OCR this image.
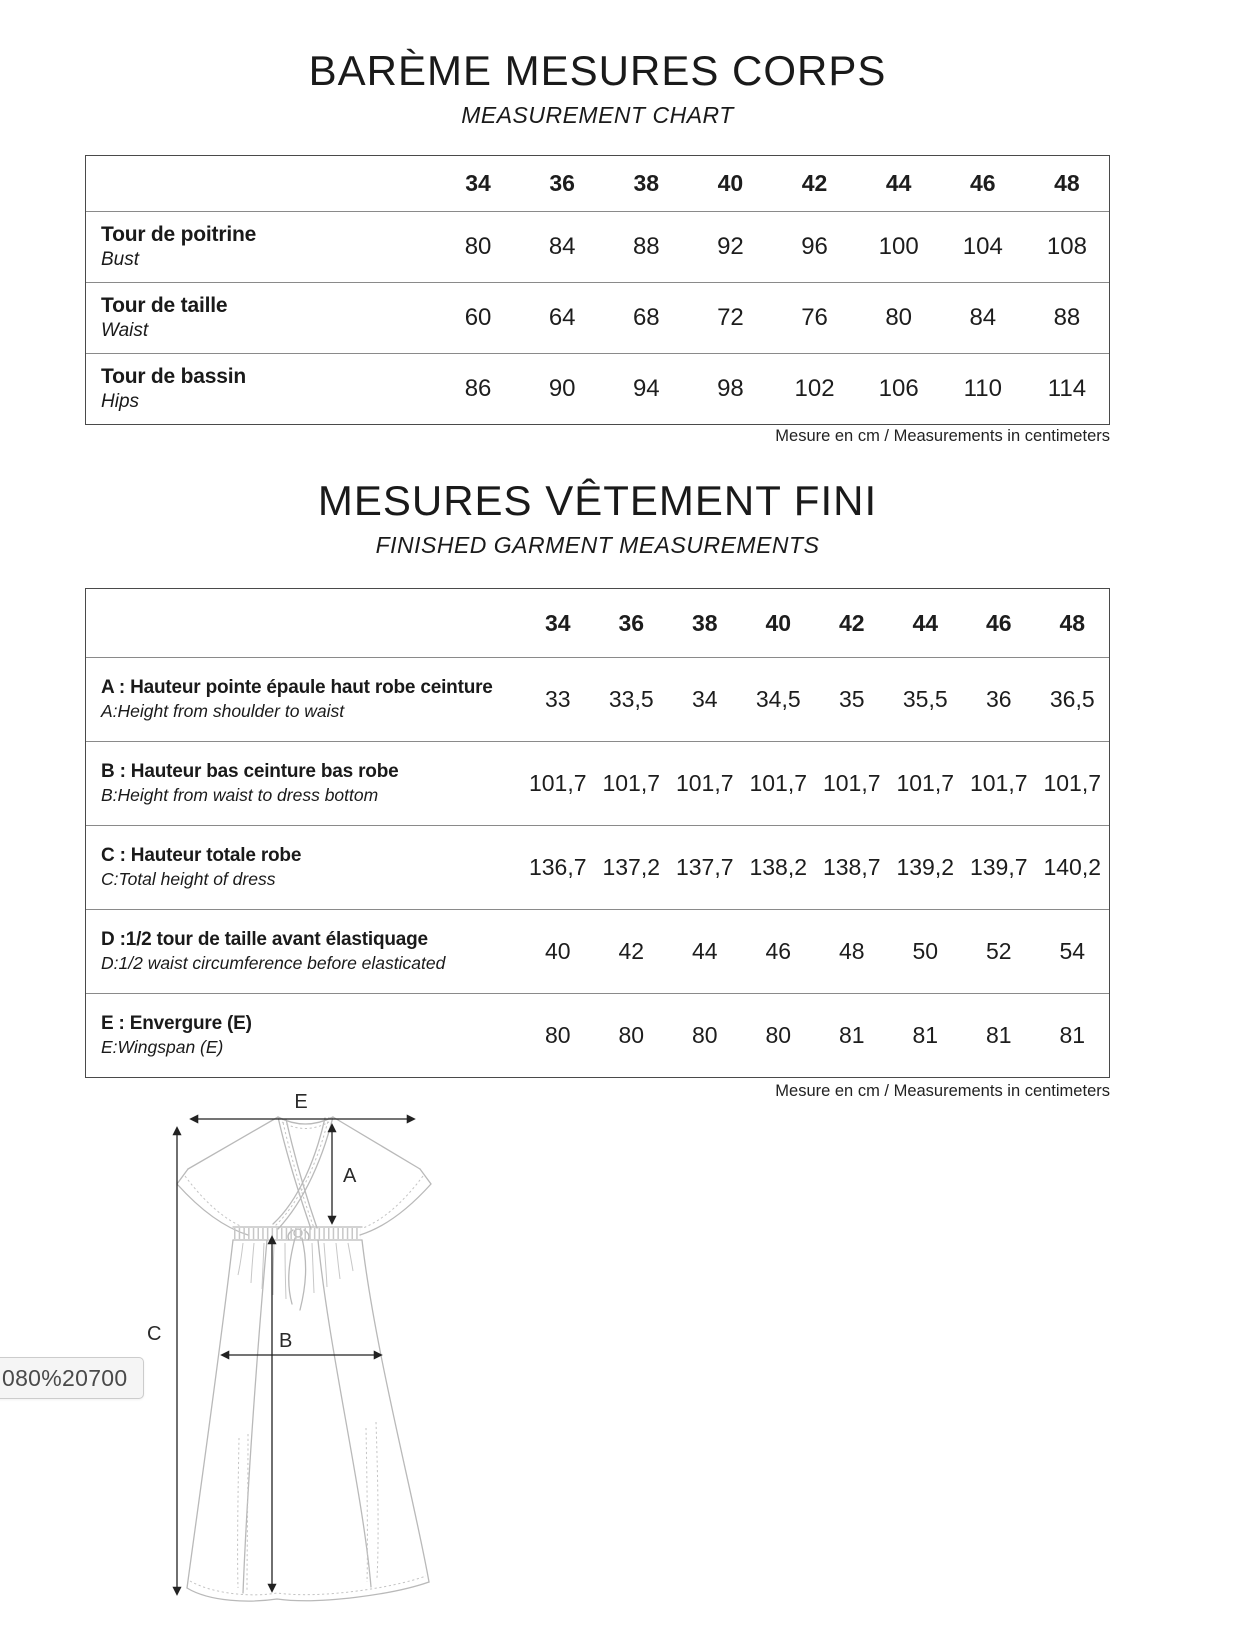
BARÈME MESURES CORPS
MEASUREMENT CHART
34	36	38	40	42	44	46	48
Tour de poitrine
Bust	80	84	88	92	96	100	104	108
Tour de taille
Waist	60	64	68	72	76	80	84	88
Tour de bassin
Hips	86	90	94	98	102	106	110	114
Mesure en cm / Measurements in centimeters
MESURES VÊTEMENT FINI
FINISHED GARMENT MEASUREMENTS
34	36	38	40	42	44	46	48
A : Hauteur pointe épaule haut robe ceinture
A:Height from shoulder to waist	33	33,5	34	34,5	35	35,5	36	36,5
B : Hauteur bas ceinture bas robe
B:Height from waist to dress bottom	101,7 101,7 101,7 101,7 101,7 101,7 101,7 101,7
C : Hauteur totale robe
C:Total height of dress	136,7 137,2 137,7 138,2 138,7 139,2 139,7 140,2
D :1/2 tour de taille avant élastiquage
D:1/2 waist circumference before elasticated	40	42	44	46	48	50	52	54
E : Envergure (E)
E:Wingspan (E)	80	80	80	80	81	81	81	81
Mesure en cm / Measurements in centimeters
E
A
C	B
080%20700
